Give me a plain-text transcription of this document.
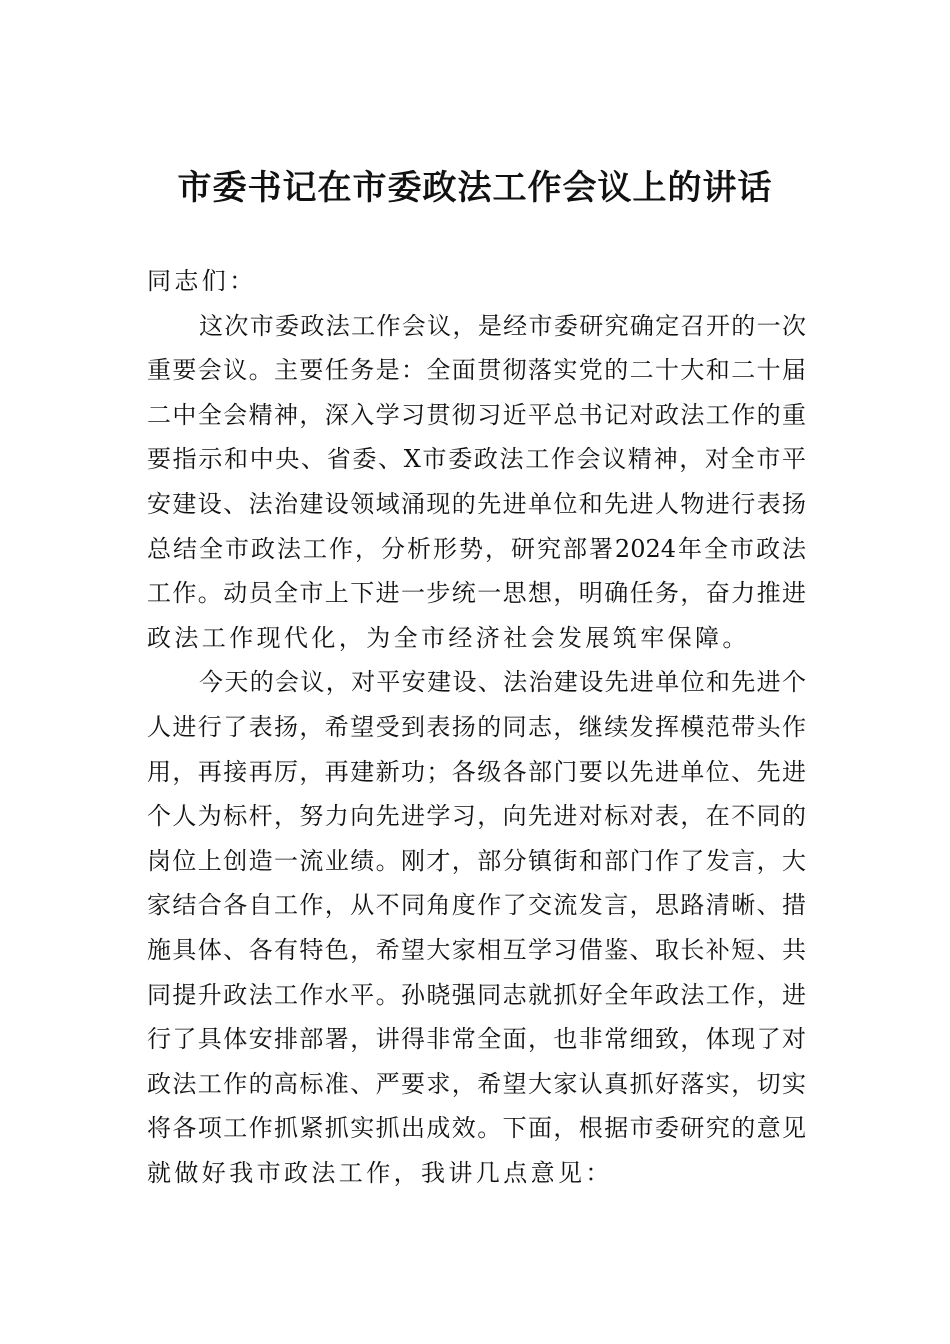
市委书记在市委政法工作会议上的讲话
同志们：
这次市委政法工作会议，是经市委研究确定召开的一次
重要会议。主要任务是：全面贯彻落实党的二十大和二十届
二中全会精神，深入学习贯彻习近平总书记对政法工作的重
要指示和中央、省委、X市委政法工作会议精神，对全市平
安建设、法治建设领域涌现的先进单位和先进人物进行表扬
总结全市政法工作，分析形势，研究部署2024年全市政法
工作。动员全市上下进一步统一思想，明确任务，奋力推进
政法工作现代化，为全市经济社会发展筑牢保障。
今天的会议，对平安建设、法治建设先进单位和先进个
人进行了表扬，希望受到表扬的同志，继续发挥模范带头作
用，再接再厉，再建新功；各级各部门要以先进单位、先进
个人为标杆，努力向先进学习，向先进对标对表，在不同的
岗位上创造一流业绩。刚才，部分镇街和部门作了发言，大
家结合各自工作，从不同角度作了交流发言，思路清晰、措
施具体、各有特色，希望大家相互学习借鉴、取长补短、共
同提升政法工作水平。孙晓强同志就抓好全年政法工作，进
行了具体安排部署，讲得非常全面，也非常细致，体现了对
政法工作的高标准、严要求，希望大家认真抓好落实，切实
将各项工作抓紧抓实抓出成效。下面，根据市委研究的意见
就做好我市政法工作，我讲几点意见：
